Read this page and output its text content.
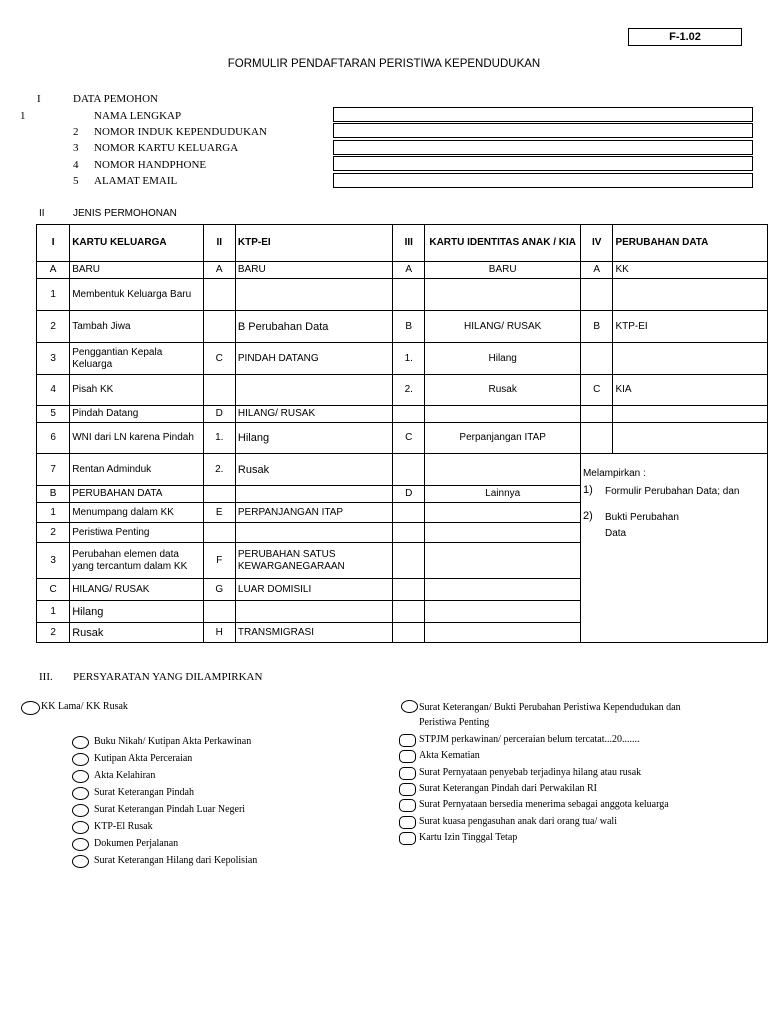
F-1.02
FORMULIR PENDAFTARAN PERISTIWA KEPENDUDUKAN
I	DATA PEMOHON
1	NAMA LENGKAP
2 NOMOR INDUK KEPENDUDUKAN
3 NOMOR KARTU KELUARGA
4 NOMOR HANDPHONE
5 ALAMAT EMAIL
II	JENIS PERMOHONAN
I	KARTU KELUARGA	II	KTP-EI	III	KARTU IDENTITAS ANAK / KIA	IV	PERUBAHAN DATA
A	BARU	A	BARU	A	BARU	A	KK
1	Membentuk Keluarga Baru						
2	Tambah Jiwa		B Perubahan Data	B	HILANG/ RUSAK	B	KTP-EI
3	Penggantian Kepala Keluarga	C	PINDAH DATANG	1.	Hilang		
4	Pisah KK			2.	Rusak	C	KIA
5	Pindah Datang	D	HILANG/ RUSAK				
6	WNI dari LN karena Pindah	1.	Hilang	C	Perpanjangan ITAP		
7	Rentan Adminduk	2.	Rusak			Melampirkan :
1) Formulir Perubahan Data; dan
2) Bukti Perubahan Data	

B	PERUBAHAN DATA			D	Lainnya		
1	Menumpang dalam KK	E	PERPANJANGAN ITAP				
2	Peristiwa Penting						
3	Perubahan elemen data yang tercantum dalam KK	F	PERUBAHAN SATUS KEWARGANEGARAAN				
C	HILANG/ RUSAK	G	LUAR DOMISILI				
1	Hilang						
2	Rusak	H	TRANSMIGRASI				
III. PERSYARATAN YANG DILAMPIRKAN
KK Lama/ KK Rusak
Buku Nikah/ Kutipan Akta Perkawinan
Kutipan Akta Perceraian
Akta Kelahiran
Surat Keterangan Pindah
Surat Keterangan Pindah Luar Negeri
KTP-El Rusak
Dokumen Perjalanan
Surat Keterangan Hilang dari Kepolisian
Surat Keterangan/ Bukti Perubahan Peristiwa Kependudukan dan Peristiwa Penting
STPJM perkawinan/ perceraian belum tercatat...20.......
Akta Kematian
Surat Pernyataan penyebab terjadinya hilang atau rusak
Surat Keterangan Pindah dari Perwakilan RI
Surat Pernyataan bersedia menerima sebagai anggota keluarga
Surat kuasa pengasuhan anak dari orang tua/ wali
Kartu Izin Tinggal Tetap
